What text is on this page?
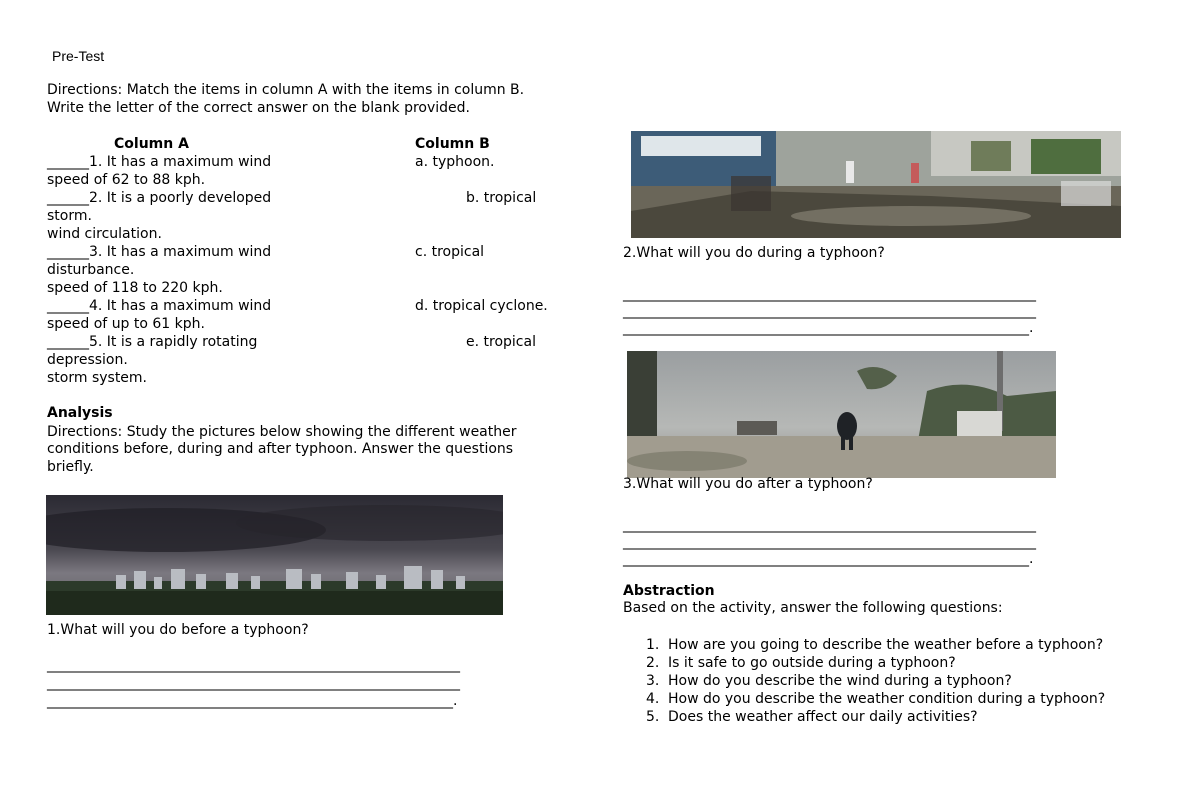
Pre-Test
Directions: Match the items in column A with the items in column B.
Write the letter of the correct answer on the blank provided.
Column A	Column B
______1. It has a maximum wind
speed of 62 to 88 kph.
______2. It is a poorly developed
storm.
wind circulation.
______3. It has a maximum wind
disturbance.
speed of 118 to 220 kph.
______4. It has a maximum wind
speed of up to 61 kph.
______5. It is a rapidly rotating
depression.
storm system.
a. typhoon.
b. tropical
c. tropical
d. tropical cyclone.
e. tropical
Analysis
Directions: Study the pictures below showing the different weather
conditions before, during and after typhoon. Answer the questions
briefly.
1.What will you do before a typhoon?
___________________________________________________________
___________________________________________________________
__________________________________________________________.
2.What will you do during a typhoon?
___________________________________________________________
___________________________________________________________
__________________________________________________________.
3.What will you do after a typhoon?
___________________________________________________________
___________________________________________________________
__________________________________________________________.
Abstraction
Based on the activity, answer the following questions:
1. How are you going to describe the weather before a typhoon?
2. Is it safe to go outside during a typhoon?
3. How do you describe the wind during a typhoon?
4. How do you describe the weather condition during a typhoon?
5. Does the weather affect our daily activities?
